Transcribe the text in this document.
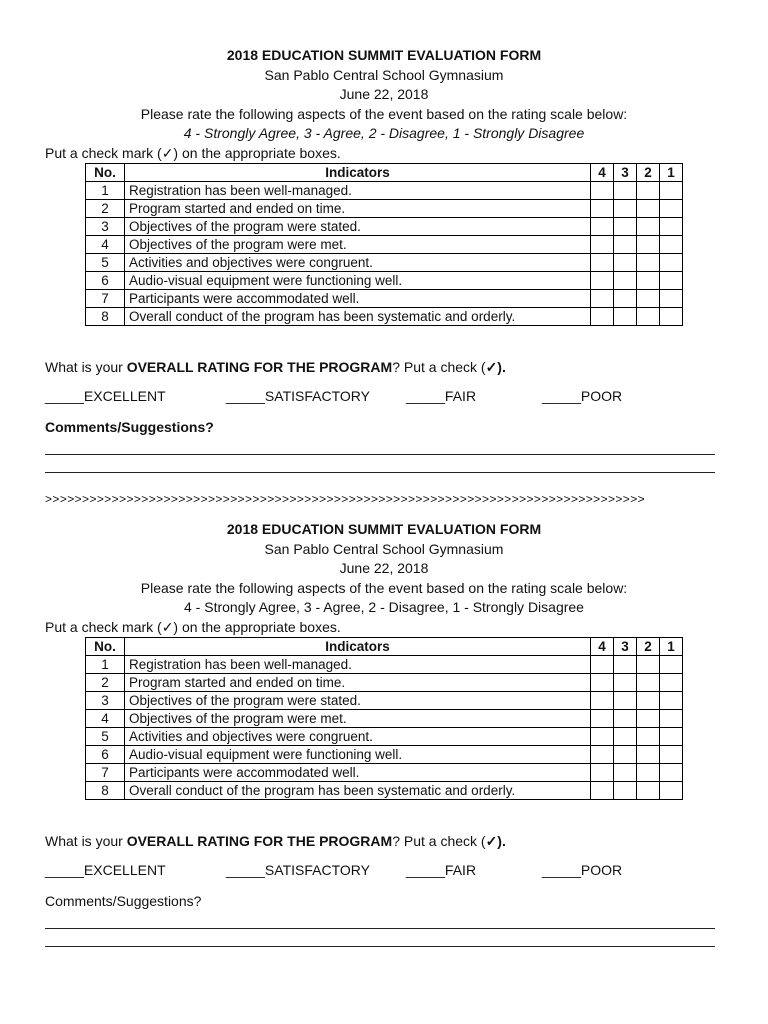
2018 EDUCATION SUMMIT EVALUATION FORM
San Pablo Central School Gymnasium
June 22, 2018
Please rate the following aspects of the event based on the rating scale below:
4 - Strongly Agree, 3 - Agree, 2 - Disagree, 1 - Strongly Disagree
Put a check mark (✓) on the appropriate boxes.
No.	Indicators	4	3	2	1
1	Registration has been well-managed.				
2	Program started and ended on time.				
3	Objectives of the program were stated.				
4	Objectives of the program were met.				
5	Activities and objectives were congruent.				
6	Audio-visual equipment were functioning well.				
7	Participants were accommodated well.				
8	Overall conduct of the program has been systematic and orderly.				
What is your OVERALL RATING FOR THE PROGRAM? Put a check (✓).
_____EXCELLENT	_____SATISFACTORY	_____FAIR	_____POOR
Comments/Suggestions?
>>>>>>>>>>>>>>>>>>>>>>>>>>>>>>>>>>>>>>>>>>>>>>>>>>>>>>>>>>>>>>>>>>>>>>>>>>>>>>>>>
2018 EDUCATION SUMMIT EVALUATION FORM
San Pablo Central School Gymnasium
June 22, 2018
Please rate the following aspects of the event based on the rating scale below:
4 - Strongly Agree, 3 - Agree, 2 - Disagree, 1 - Strongly Disagree
Put a check mark (✓) on the appropriate boxes.
No.	Indicators	4	3	2	1
1	Registration has been well-managed.				
2	Program started and ended on time.				
3	Objectives of the program were stated.				
4	Objectives of the program were met.				
5	Activities and objectives were congruent.				
6	Audio-visual equipment were functioning well.				
7	Participants were accommodated well.				
8	Overall conduct of the program has been systematic and orderly.				
What is your OVERALL RATING FOR THE PROGRAM? Put a check (✓).
_____EXCELLENT	_____SATISFACTORY	_____FAIR	_____POOR
Comments/Suggestions?
